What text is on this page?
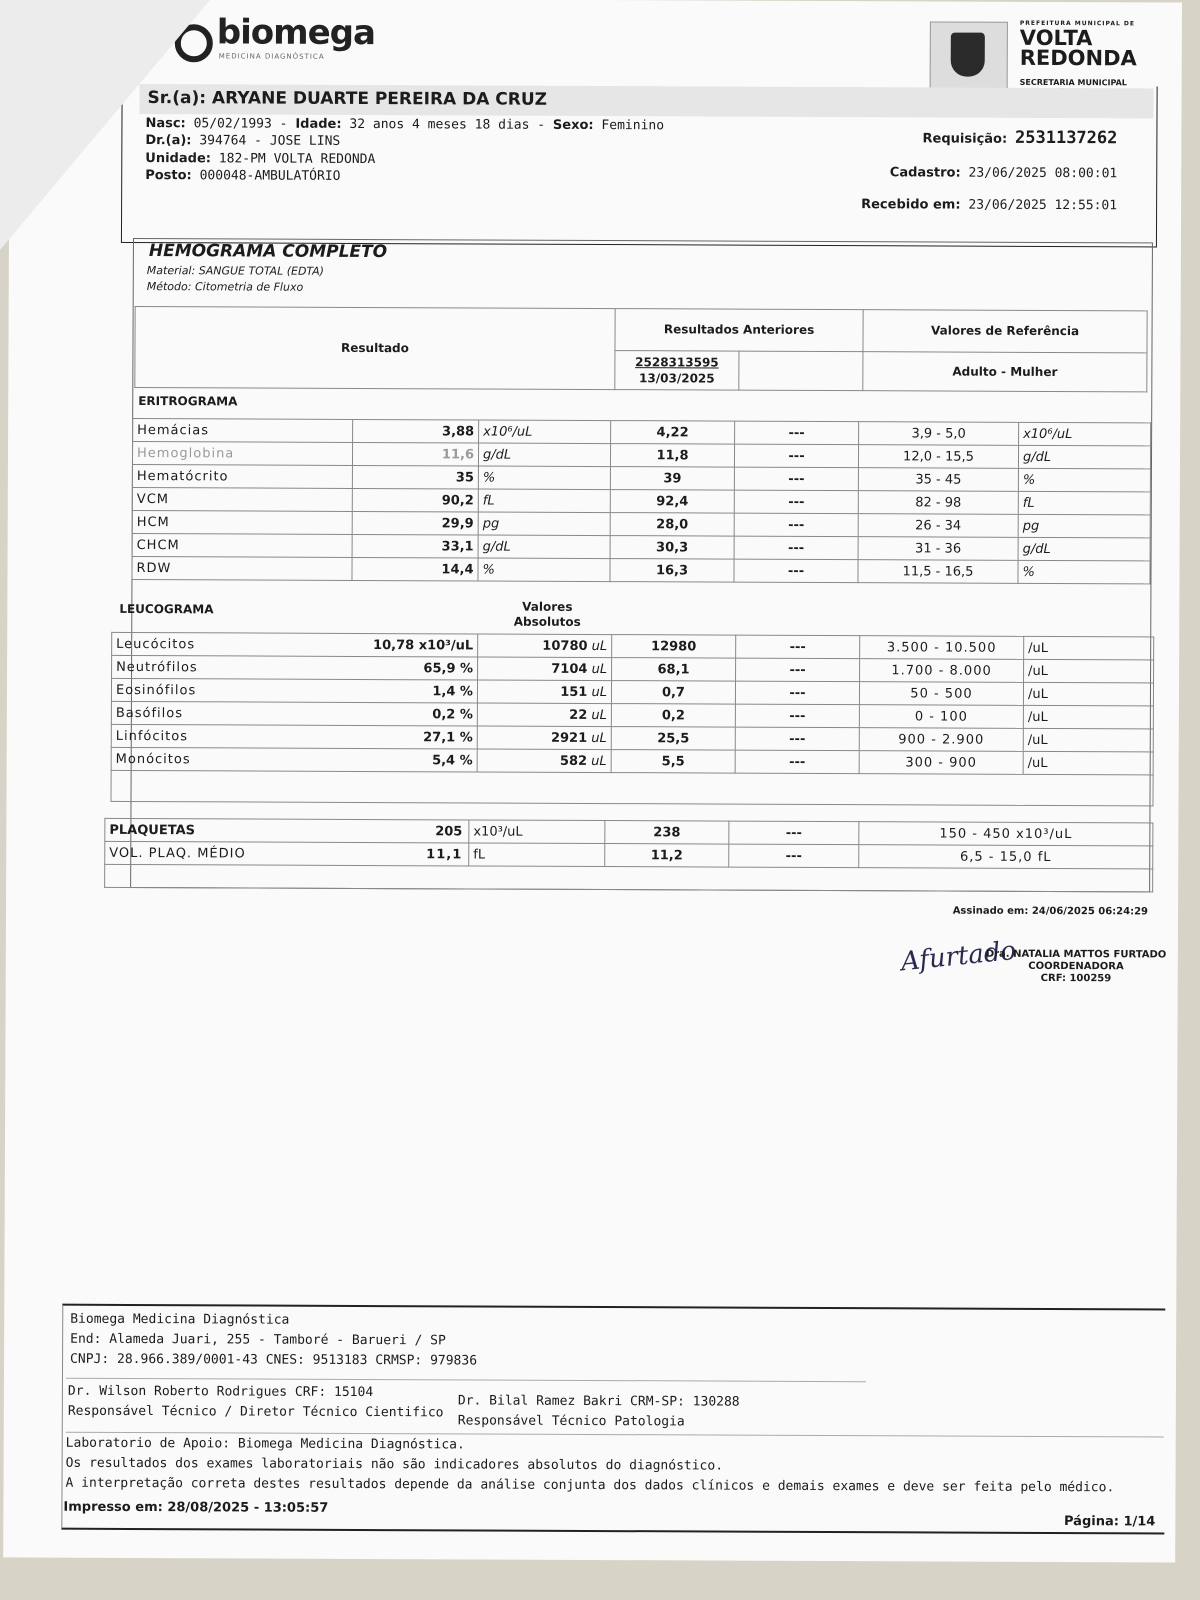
biomega
MEDICINA DIAGNÓSTICA
PREFEITURA MUNICIPAL DE
VOLTA
REDONDA
SECRETARIA MUNICIPAL
Sr.(a): ARYANE DUARTE PEREIRA DA CRUZ
Nasc: 05/02/1993 - Idade: 32 anos 4 meses 18 dias - Sexo: Feminino
Dr.(a): 394764 - JOSE LINS
Unidade: 182-PM VOLTA REDONDA
Posto: 000048-AMBULATÓRIO
Requisição: 2531137262
Cadastro: 23/06/2025 08:00:01
Recebido em: 23/06/2025 12:55:01
HEMOGRAMA COMPLETO
Material: SANGUE TOTAL (EDTA)
Método: Citometria de Fluxo
Resultado	Resultados Anteriores		Valores de Referência

	2528313595
13/03/2025		Adulto - Mulher
ERITROGRAMA
Hemácias	3,88	x10⁶/uL	4,22	---	3,9 - 5,0	x10⁶/uL
Hemoglobina	11,6	g/dL	11,8	---	12,0 - 15,5	g/dL
Hematócrito	35	%	39	---	35 - 45	%
VCM	90,2	fL	92,4	---	82 - 98	fL
HCM	29,9	pg	28,0	---	26 - 34	pg
CHCM	33,1	g/dL	30,3	---	31 - 36	g/dL
RDW	14,4	%	16,3	---	11,5 - 16,5	%
LEUCOGRAMA	Valores
Absolutos
Leucócitos	10,78 x10³/uL	10780 uL	12980	---	3.500 - 10.500	/uL
Neutrófilos	65,9 %	7104 uL	68,1	---	1.700 - 8.000	/uL
Eosinófilos	1,4 %	151 uL	0,7	---	50 - 500	/uL
Basófilos	0,2 %	22 uL	0,2	---	0 - 100	/uL
Linfócitos	27,1 %	2921 uL	25,5	---	900 - 2.900	/uL
Monócitos	5,4 %	582 uL	5,5	---	300 - 900	/uL

PLAQUETAS 205	x10³/uL	238	---	150 - 450 x10³/uL
VOL. PLAQ. MÉDIO 11,1	fL	11,2	---	6,5 - 15,0 fL

Assinado em: 24/06/2025 06:24:29
Afurtado
Dra. NATALIA MATTOS FURTADO
COORDENADORA
CRF: 100259
Biomega Medicina Diagnóstica
End: Alameda Juari, 255 - Tamboré - Barueri / SP
CNPJ: 28.966.389/0001-43 CNES: 9513183 CRMSP: 979836
Dr. Wilson Roberto Rodrigues CRF: 15104
Responsável Técnico / Diretor Técnico Cientifico
Dr. Bilal Ramez Bakri CRM-SP: 130288
Responsável Técnico Patologia
Laboratorio de Apoio: Biomega Medicina Diagnóstica.
Os resultados dos exames laboratoriais não são indicadores absolutos do diagnóstico.
A interpretação correta destes resultados depende da análise conjunta dos dados clínicos e demais exames e deve ser feita pelo médico.
Impresso em: 28/08/2025 - 13:05:57
Página: 1/14
